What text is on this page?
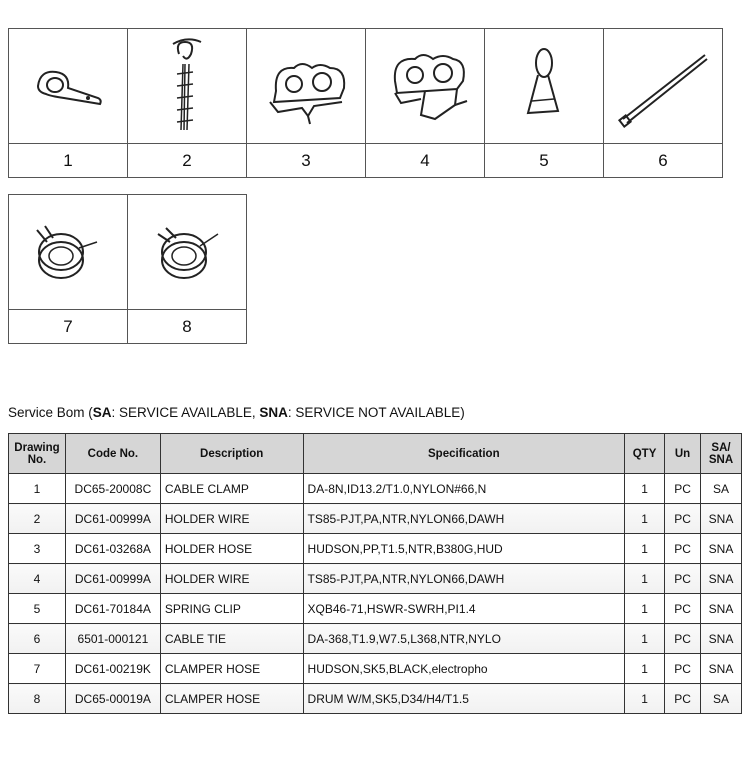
1	2	3	4	5	6
7	8
Service Bom (SA: SERVICE AVAILABLE, SNA: SERVICE NOT AVAILABLE)
Drawing No.	Code No.	Description	Specification	QTY	Un	SA/ SNA
1	DC65-20008C	CABLE CLAMP	DA-8N,ID13.2/T1.0,NYLON#66,N	1	PC	SA
2	DC61-00999A	HOLDER WIRE	TS85-PJT,PA,NTR,NYLON66,DAWH	1	PC	SNA
3	DC61-03268A	HOLDER HOSE	HUDSON,PP,T1.5,NTR,B380G,HUD	1	PC	SNA
4	DC61-00999A	HOLDER WIRE	TS85-PJT,PA,NTR,NYLON66,DAWH	1	PC	SNA
5	DC61-70184A	SPRING CLIP	XQB46-71,HSWR-SWRH,PI1.4	1	PC	SNA
6	6501-000121	CABLE TIE	DA-368,T1.9,W7.5,L368,NTR,NYLO	1	PC	SNA
7	DC61-00219K	CLAMPER HOSE	HUDSON,SK5,BLACK,electropho	1	PC	SNA
8	DC65-00019A	CLAMPER HOSE	DRUM W/M,SK5,D34/H4/T1.5	1	PC	SA
